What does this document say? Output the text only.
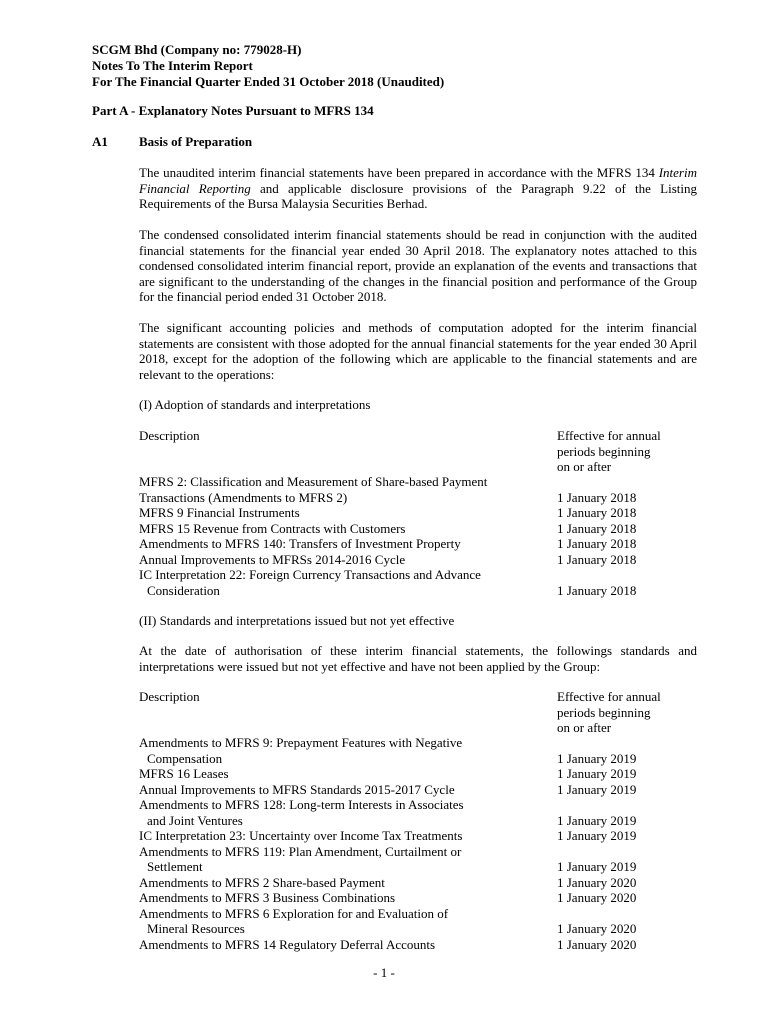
SCGM Bhd (Company no: 779028-H)
Notes To The Interim Report
For The Financial Quarter Ended 31 October 2018 (Unaudited)
Part A - Explanatory Notes Pursuant to MFRS 134
A1 Basis of Preparation
The unaudited interim financial statements have been prepared in accordance with the MFRS 134 Interim Financial Reporting and applicable disclosure provisions of the Paragraph 9.22 of the Listing Requirements of the Bursa Malaysia Securities Berhad.
The condensed consolidated interim financial statements should be read in conjunction with the audited financial statements for the financial year ended 30 April 2018. The explanatory notes attached to this condensed consolidated interim financial report, provide an explanation of the events and transactions that are significant to the understanding of the changes in the financial position and performance of the Group for the financial period ended 31 October 2018.
The significant accounting policies and methods of computation adopted for the interim financial statements are consistent with those adopted for the annual financial statements for the year ended 30 April 2018, except for the adoption of the following which are applicable to the financial statements and are relevant to the operations:
(I) Adoption of standards and interpretations
Description	Effective for annual
periods beginning
on or after
MFRS 2: Classification and Measurement of Share-based Payment
Transactions (Amendments to MFRS 2)	1 January 2018
MFRS 9 Financial Instruments	1 January 2018
MFRS 15 Revenue from Contracts with Customers	1 January 2018
Amendments to MFRS 140: Transfers of Investment Property	1 January 2018
Annual Improvements to MFRSs 2014-2016 Cycle	1 January 2018
IC Interpretation 22: Foreign Currency Transactions and Advance
Consideration	1 January 2018
(II) Standards and interpretations issued but not yet effective
At the date of authorisation of these interim financial statements, the followings standards and interpretations were issued but not yet effective and have not been applied by the Group:
Description	Effective for annual
periods beginning
on or after
Amendments to MFRS 9: Prepayment Features with Negative
Compensation	1 January 2019
MFRS 16 Leases	1 January 2019
Annual Improvements to MFRS Standards 2015-2017 Cycle	1 January 2019
Amendments to MFRS 128: Long-term Interests in Associates
and Joint Ventures	1 January 2019
IC Interpretation 23: Uncertainty over Income Tax Treatments	1 January 2019
Amendments to MFRS 119: Plan Amendment, Curtailment or
Settlement	1 January 2019
Amendments to MFRS 2 Share-based Payment	1 January 2020
Amendments to MFRS 3 Business Combinations	1 January 2020
Amendments to MFRS 6 Exploration for and Evaluation of
Mineral Resources	1 January 2020
Amendments to MFRS 14 Regulatory Deferral Accounts	1 January 2020
- 1 -
